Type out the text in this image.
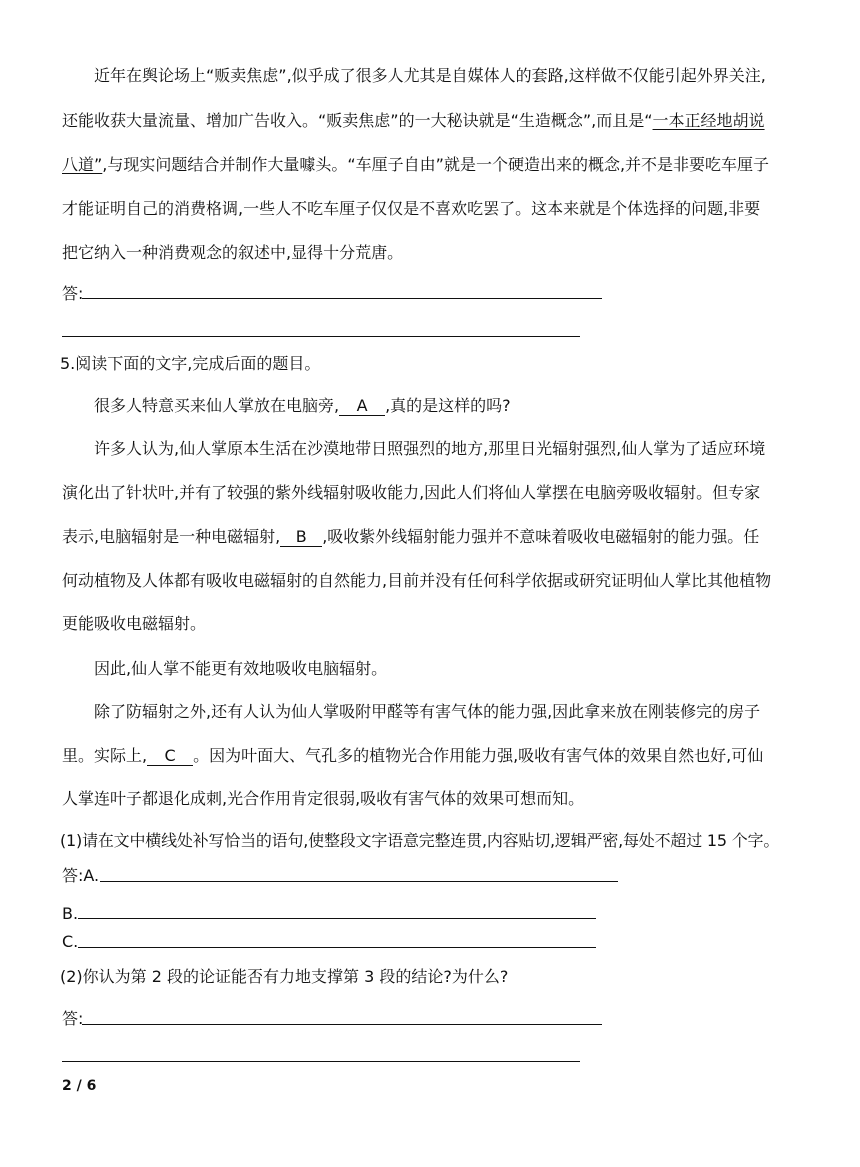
近年在舆论场上“贩卖焦虑”,似乎成了很多人尤其是自媒体人的套路,这样做不仅能引起外界关注,
还能收获大量流量、增加广告收入。“贩卖焦虑”的一大秘诀就是“生造概念”,而且是“一本正经地胡说
八道”,与现实问题结合并制作大量噱头。“车厘子自由”就是一个硬造出来的概念,并不是非要吃车厘子
才能证明自己的消费格调,一些人不吃车厘子仅仅是不喜欢吃罢了。这本来就是个体选择的问题,非要
把它纳入一种消费观念的叙述中,显得十分荒唐。
答:
5.阅读下面的文字,完成后面的题目。
很多人特意买来仙人掌放在电脑旁, A ,真的是这样的吗?
许多人认为,仙人掌原本生活在沙漠地带日照强烈的地方,那里日光辐射强烈,仙人掌为了适应环境
演化出了针状叶,并有了较强的紫外线辐射吸收能力,因此人们将仙人掌摆在电脑旁吸收辐射。但专家
表示,电脑辐射是一种电磁辐射, B ,吸收紫外线辐射能力强并不意味着吸收电磁辐射的能力强。任
何动植物及人体都有吸收电磁辐射的自然能力,目前并没有任何科学依据或研究证明仙人掌比其他植物
更能吸收电磁辐射。
因此,仙人掌不能更有效地吸收电脑辐射。
除了防辐射之外,还有人认为仙人掌吸附甲醛等有害气体的能力强,因此拿来放在刚装修完的房子
里。实际上, C 。因为叶面大、气孔多的植物光合作用能力强,吸收有害气体的效果自然也好,可仙
人掌连叶子都退化成刺,光合作用肯定很弱,吸收有害气体的效果可想而知。
(1)请在文中横线处补写恰当的语句,使整段文字语意完整连贯,内容贴切,逻辑严密,每处不超过 15 个字。
答:A.
B.
C.
(2)你认为第 2 段的论证能否有力地支撑第 3 段的结论?为什么?
答:
2 / 6
